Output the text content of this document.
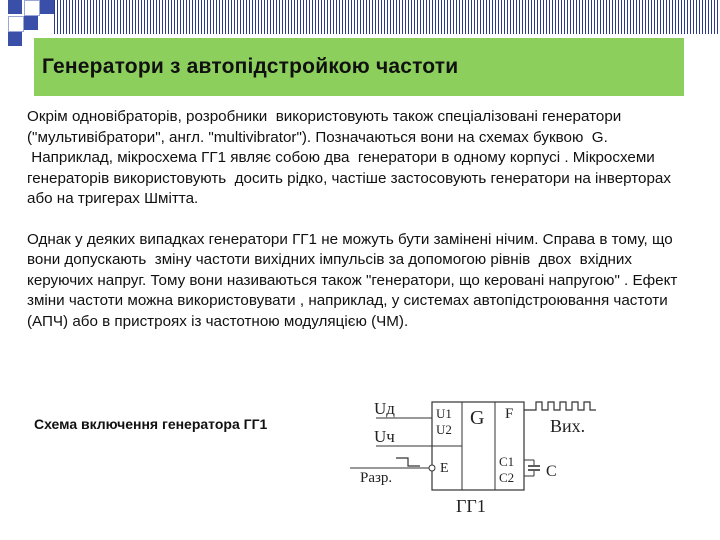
Генератори з автопідстройкою частоти

Окрім одновібраторів, розробники  використовують також спеціалізовані генератори ("мультивібратори", англ. "multivibrator"). Позначаються вони на схемах буквою  G.

Наприклад, мікросхема ГГ1 являє собою два  генератори в одному корпусі . Мікросхеми генераторів використовують  досить рідко, частіше застосовують генератори на інверторах або на тригерах Шмітта.

Однак у деяких випадках генератори ГГ1 не можуть бути замінені нічим. Справа в тому, що вони допускають  зміну частоти вихідних імпульсів за допомогою рівнів  двох  вхідних керуючих напруг. Тому вони називаються також "генератори, що керовані напругою" . Ефект зміни частоти можна використовувати , наприклад, у системах автопідстроювання частоти (АПЧ) або в пристроях із частотною модуляцією (ЧМ).

Схема включення генератора ГГ1
Uд
Uч
U1
U2
G F
Вих.
E
Разр.
C1
C2 C
ГГ1
